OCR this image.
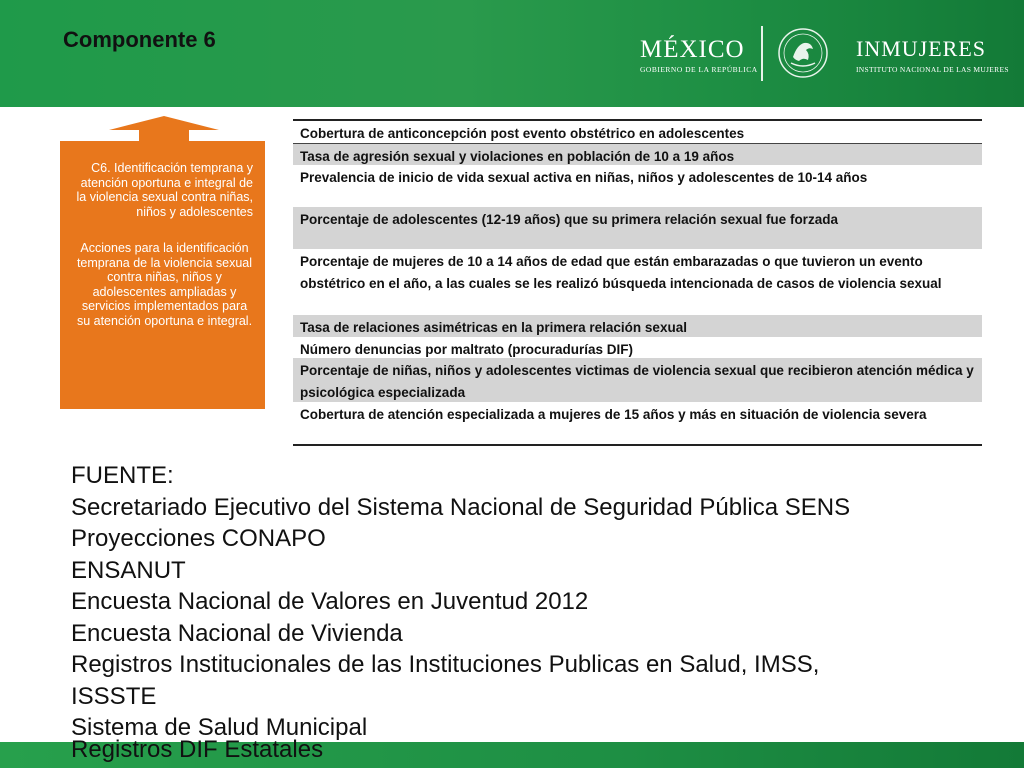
Componente 6	MÉXICO
GOBIERNO DE LA REPÚBLICA
INMUJERES
INSTITUTO NACIONAL DE LAS MUJERES
C6. Identificación temprana y atención oportuna e integral de la violencia sexual contra niñas, niños y adolescentes
Acciones para la identificación temprana de la violencia sexual contra niñas, niños y adolescentes ampliadas y servicios implementados para su atención oportuna e integral.
Cobertura de anticoncepción post evento obstétrico en adolescentes
Tasa de agresión sexual y violaciones en población de 10 a 19 años
Prevalencia de inicio de vida sexual activa en niñas, niños y adolescentes de 10-14 años
Porcentaje de adolescentes (12-19 años) que su primera relación sexual fue forzada
Porcentaje de mujeres de 10 a 14 años de edad que están embarazadas o que tuvieron un evento obstétrico en el año, a las cuales se les realizó búsqueda intencionada de casos de violencia sexual
Tasa de relaciones asimétricas en la primera relación sexual
Número denuncias por maltrato (procuradurías DIF)
Porcentaje de niñas, niños y adolescentes victimas de violencia sexual que recibieron atención médica y psicológica especializada
Cobertura de atención especializada a mujeres de 15 años y más en situación de violencia severa
FUENTE:
Secretariado Ejecutivo del Sistema Nacional de Seguridad Pública SENS
Proyecciones CONAPO
ENSANUT
Encuesta Nacional de Valores en Juventud 2012
Encuesta Nacional de Vivienda
Registros Institucionales de las Instituciones Publicas en Salud, IMSS, ISSSTE
Sistema de Salud Municipal
Registros DIF Estatales
